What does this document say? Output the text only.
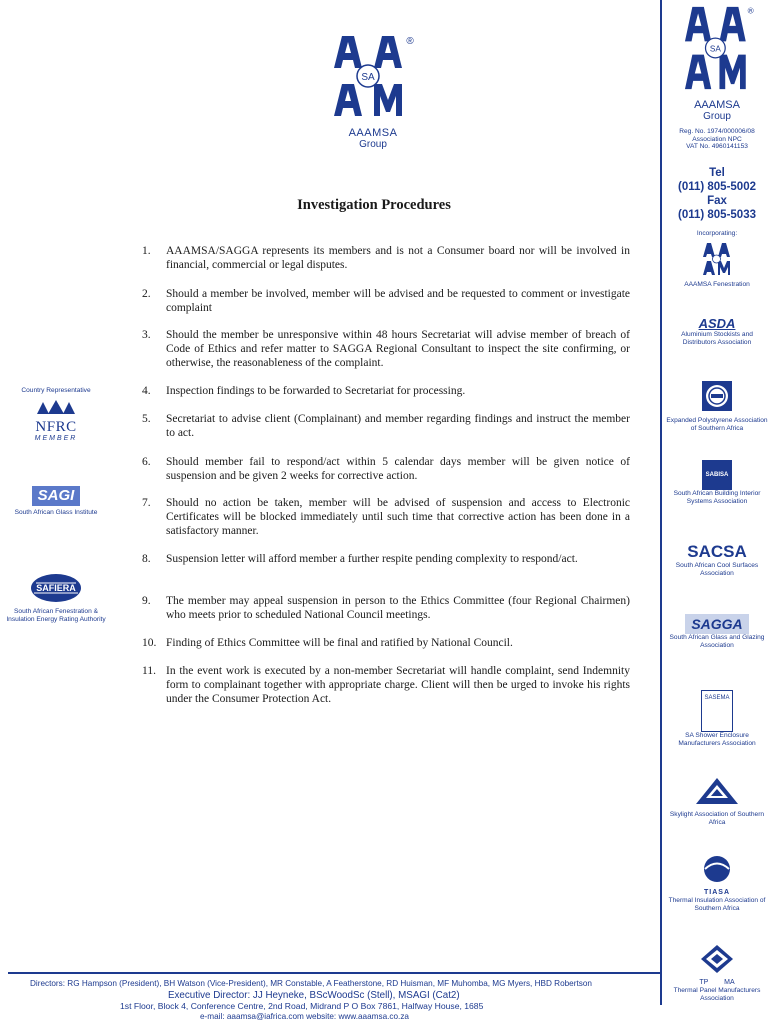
SA
®
AAAMSA
Group
Investigation Procedures
1.	AAAMSA/SAGGA represents its members and is not a Consumer board nor will be involved in financial, commercial or legal disputes.
2.	Should a member be involved, member will be advised and be requested to comment or investigate complaint
3.	Should the member be unresponsive within 48 hours Secretariat will advise member of breach of Code of Ethics and refer matter to SAGGA Regional Consultant to inspect the site confirming, or otherwise, the reasonableness of the complaint.
4.	Inspection findings to be forwarded to Secretariat for processing.
5.	Secretariat to advise client (Complainant) and member regarding findings and instruct the member to act.
6.	Should member fail to respond/act within 5 calendar days member will be given notice of suspension and be given 2 weeks for corrective action.
7.	Should no action be taken, member will be advised of suspension and access to Electronic Certificates will be blocked immediately until such time that corrective action has been done in a satisfactory manner.
8.	Suspension letter will afford member a further respite pending complexity to respond/act.
9.	The member may appeal suspension in person to the Ethics Committee (four Regional Chairmen) who meets prior to scheduled National Council meetings.
10. Finding of Ethics Committee will be final and ratified by National Council.
11. In the event work is executed by a non-member Secretariat will handle complaint, send Indemnity form to complainant together with appropriate charge. Client will then be urged to invoke his rights under the Consumer Protection Act.
SA
®
AAAMSA
Group
Reg. No. 1974/000006/08
Association NPC
VAT No. 4960141153
Tel
(011) 805-5002
Fax
(011) 805-5033
Incorporating:
AAAMSA Fenestration
ASDA
Aluminium Stockists and Distributors Association
Expanded Polystyrene Association of Southern Africa
SABISA
South African Building Interior Systems Association
SACSA
South African Cool Surfaces Association
SAGGA
South African Glass and Glazing Association
SASEMA
SA Shower Enclosure Manufacturers Association
Skylight Association of Southern Africa
TIASA
Thermal Insulation Association of Southern Africa
TP MA
Thermal Panel Manufacturers Association
Country Representative
NFRC
MEMBER
SAGI
South African Glass Institute
SAFIERA
South African Fenestration & Insulation Energy Rating Authority
Directors: RG Hampson (President), BH Watson (Vice-President), MR Constable, A Featherstone, RD Huisman, MF Muhomba, MG Myers, HBD Robertson
Executive Director: JJ Heyneke, BScWoodSc (Stell), MSAGI (Cat2)
1st Floor, Block 4, Conference Centre, 2nd Road, Midrand P O Box 7861, Halfway House, 1685
e-mail: aaamsa@iafrica.com website: www.aaamsa.co.za
